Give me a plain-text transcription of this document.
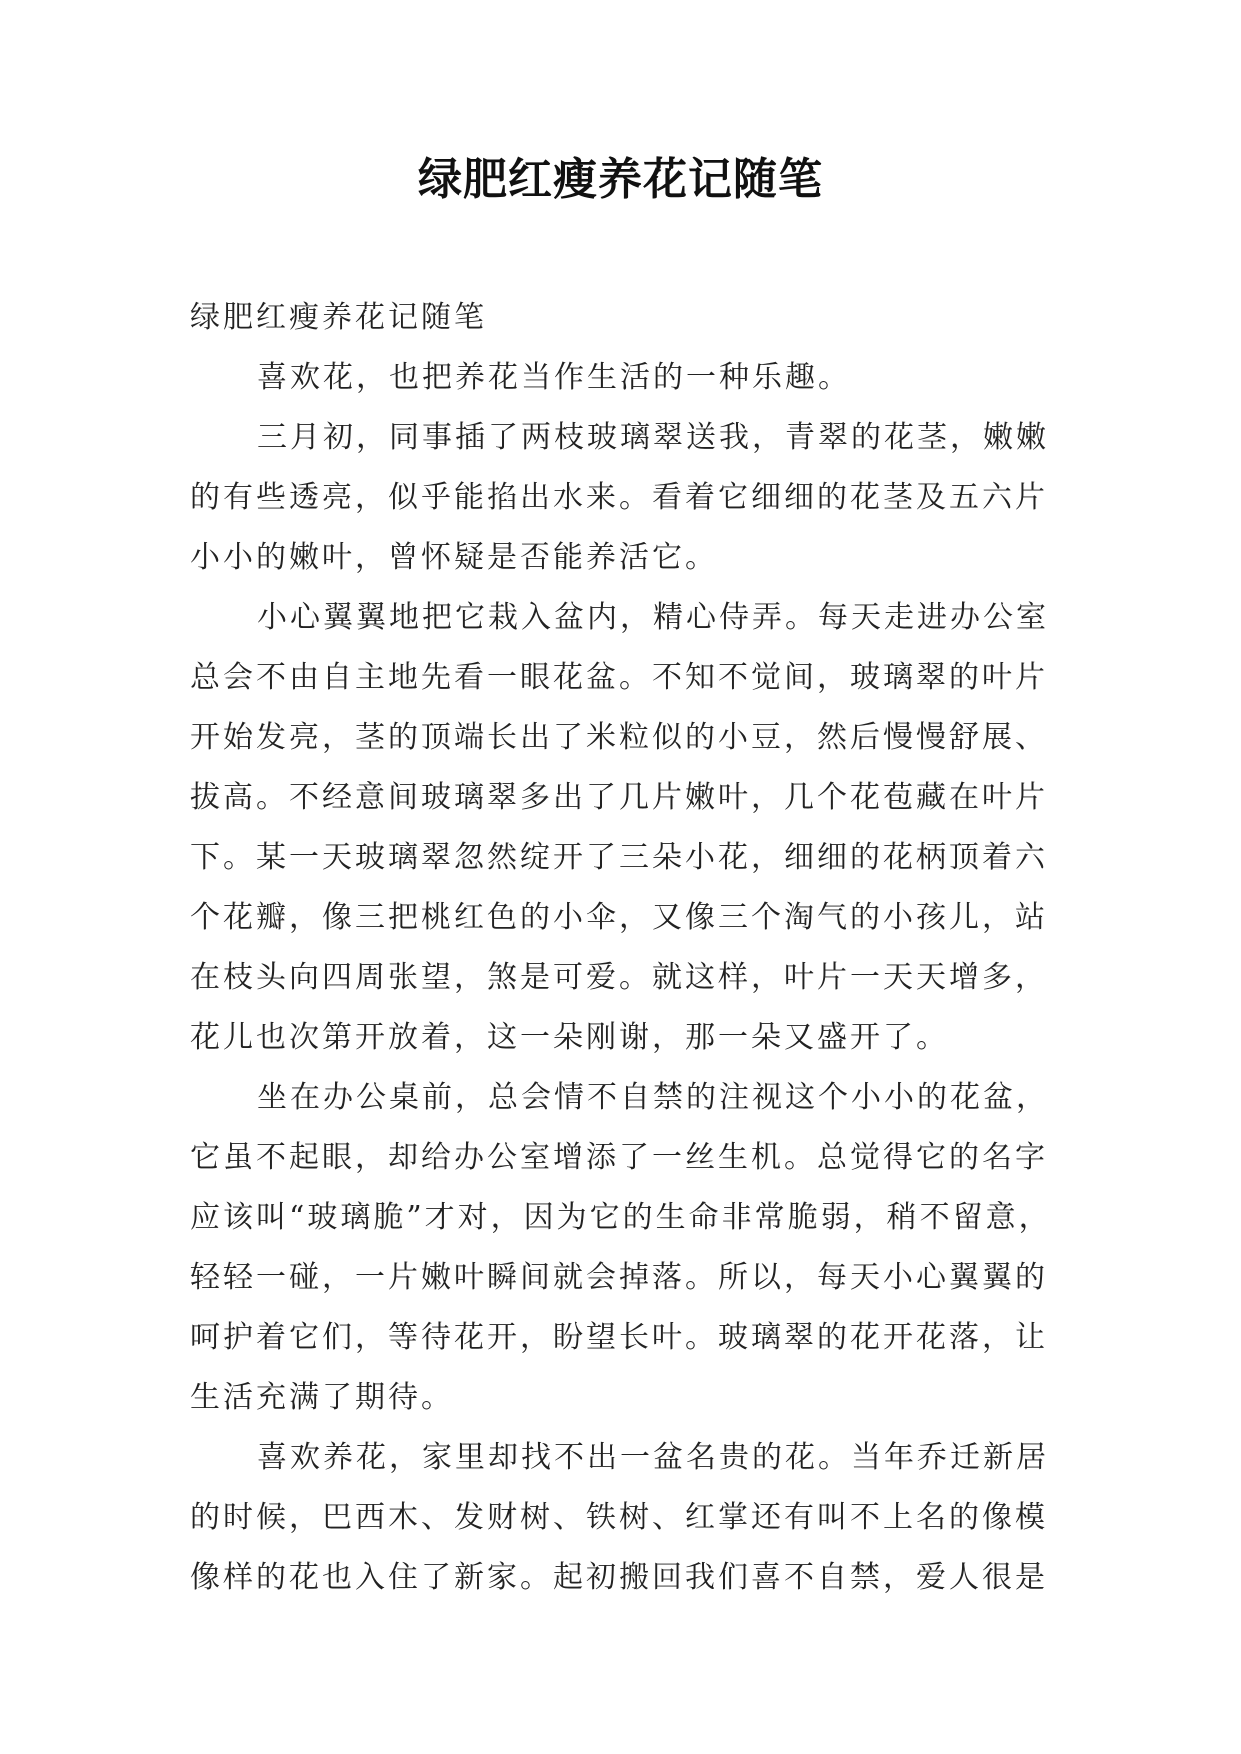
绿肥红瘦养花记随笔

绿肥红瘦养花记随笔

喜欢花，也把养花当作生活的一种乐趣。

三月初，同事插了两枝玻璃翠送我，青翠的花茎，嫩嫩
的有些透亮，似乎能掐出水来。看着它细细的花茎及五六片
小小的嫩叶，曾怀疑是否能养活它。

小心翼翼地把它栽入盆内，精心侍弄。每天走进办公室
总会不由自主地先看一眼花盆。不知不觉间，玻璃翠的叶片
开始发亮，茎的顶端长出了米粒似的小豆，然后慢慢舒展、
拔高。不经意间玻璃翠多出了几片嫩叶，几个花苞藏在叶片
下。某一天玻璃翠忽然绽开了三朵小花，细细的花柄顶着六
个花瓣，像三把桃红色的小伞，又像三个淘气的小孩儿，站
在枝头向四周张望，煞是可爱。就这样，叶片一天天增多，
花儿也次第开放着，这一朵刚谢，那一朵又盛开了。

坐在办公桌前，总会情不自禁的注视这个小小的花盆，
它虽不起眼，却给办公室增添了一丝生机。总觉得它的名字
应该叫“玻璃脆”才对，因为它的生命非常脆弱，稍不留意，
轻轻一碰，一片嫩叶瞬间就会掉落。所以，每天小心翼翼的
呵护着它们，等待花开，盼望长叶。玻璃翠的花开花落，让
生活充满了期待。

喜欢养花，家里却找不出一盆名贵的花。当年乔迁新居
的时候，巴西木、发财树、铁树、红掌还有叫不上名的像模
像样的花也入住了新家。起初搬回我们喜不自禁，爱人很是
